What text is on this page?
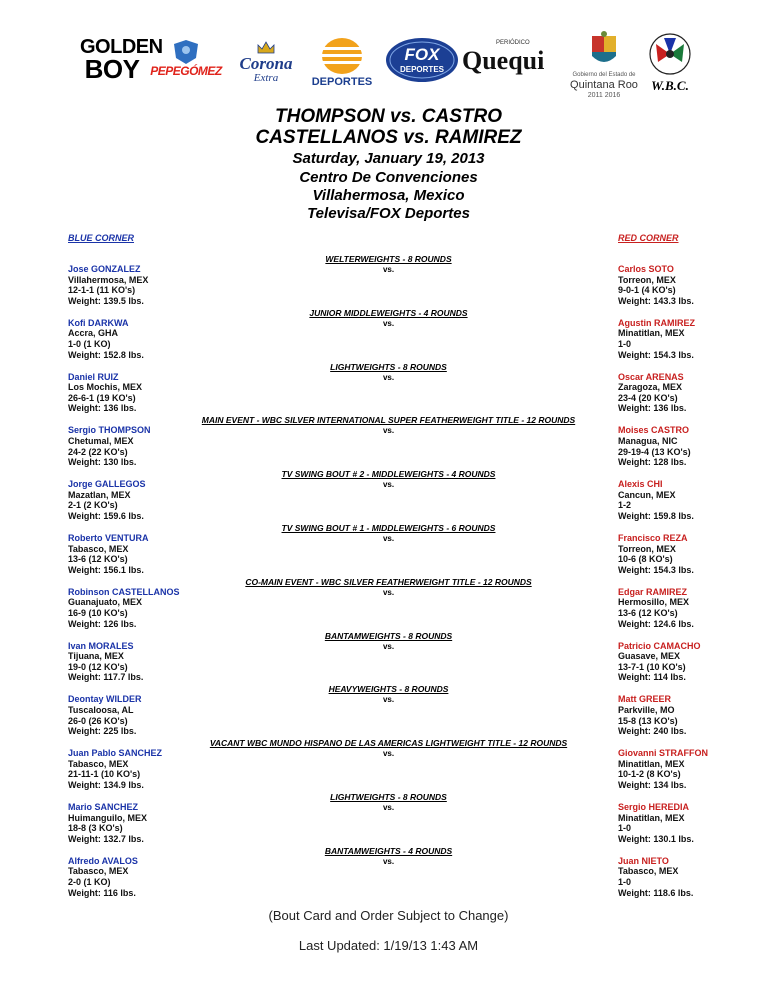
GOLDEN
BOY PEPEGÓMEZ	Corona
Extra	DEPORTES
FOX
DEPORTES
PERIÓDICO
Quequi	Gobierno del Estado de
Quintana Roo
2011 2016
W.B.C.
THOMPSON vs. CASTRO
CASTELLANOS vs. RAMIREZ
Saturday, January 19, 2013
Centro De Convenciones
Villahermosa, Mexico
Televisa/FOX Deportes
BLUE CORNER	RED CORNER
WELTERWEIGHTS - 8 ROUNDS
vs.
Jose GONZALEZ
Villahermosa, MEX
12-1-1 (11 KO's)
Weight: 139.5 lbs.
Carlos SOTO
Torreon, MEX
9-0-1 (4 KO's)
Weight: 143.3 lbs.
JUNIOR MIDDLEWEIGHTS - 4 ROUNDS
vs.
Kofi DARKWA
Accra, GHA
1-0 (1 KO)
Weight: 152.8 lbs.
Agustin RAMIREZ
Minatitlan, MEX
1-0
Weight: 154.3 lbs.
LIGHTWEIGHTS - 8 ROUNDS
vs.
Daniel RUIZ
Los Mochis, MEX
26-6-1 (19 KO's)
Weight: 136 lbs.
Oscar ARENAS
Zaragoza, MEX
23-4 (20 KO's)
Weight: 136 lbs.
MAIN EVENT - WBC SILVER INTERNATIONAL SUPER FEATHERWEIGHT TITLE - 12 ROUNDS
vs.
Sergio THOMPSON
Chetumal, MEX
24-2 (22 KO's)
Weight: 130 lbs.
Moises CASTRO
Managua, NIC
29-19-4 (13 KO's)
Weight: 128 lbs.
TV SWING BOUT # 2 - MIDDLEWEIGHTS - 4 ROUNDS
vs.
Jorge GALLEGOS
Mazatlan, MEX
2-1 (2 KO's)
Weight: 159.6 lbs.
Alexis CHI
Cancun, MEX
1-2
Weight: 159.8 lbs.
TV SWING BOUT # 1 - MIDDLEWEIGHTS - 6 ROUNDS
vs.
Roberto VENTURA
Tabasco, MEX
13-6 (12 KO's)
Weight: 156.1 lbs.
Francisco REZA
Torreon, MEX
10-6 (8 KO's)
Weight: 154.3 lbs.
CO-MAIN EVENT - WBC SILVER FEATHERWEIGHT TITLE - 12 ROUNDS
vs.
Robinson CASTELLANOS
Guanajuato, MEX
16-9 (10 KO's)
Weight: 126 lbs.
Edgar RAMIREZ
Hermosillo, MEX
13-6 (12 KO's)
Weight: 124.6 lbs.
BANTAMWEIGHTS - 8 ROUNDS
vs.
Ivan MORALES
Tijuana, MEX
19-0 (12 KO's)
Weight: 117.7 lbs.
Patricio CAMACHO
Guasave, MEX
13-7-1 (10 KO's)
Weight: 114 lbs.
HEAVYWEIGHTS - 8 ROUNDS
vs.
Deontay WILDER
Tuscaloosa, AL
26-0 (26 KO's)
Weight: 225 lbs.
Matt GREER
Parkville, MO
15-8 (13 KO's)
Weight: 240 lbs.
VACANT WBC MUNDO HISPANO DE LAS AMERICAS LIGHTWEIGHT TITLE - 12 ROUNDS
vs.
Juan Pablo SANCHEZ
Tabasco, MEX
21-11-1 (10 KO's)
Weight: 134.9 lbs.
Giovanni STRAFFON
Minatitlan, MEX
10-1-2 (8 KO's)
Weight: 134 lbs.
LIGHTWEIGHTS - 8 ROUNDS
vs.
Mario SANCHEZ
Huimanguilo, MEX
18-8 (3 KO's)
Weight: 132.7 lbs.
Sergio HEREDIA
Minatitlan, MEX
1-0
Weight: 130.1 lbs.
BANTAMWEIGHTS - 4 ROUNDS
vs.
Alfredo AVALOS
Tabasco, MEX
2-0 (1 KO)
Weight: 116 lbs.
Juan NIETO
Tabasco, MEX
1-0
Weight: 118.6 lbs.
(Bout Card and Order Subject to Change)
Last Updated: 1/19/13 1:43 AM
